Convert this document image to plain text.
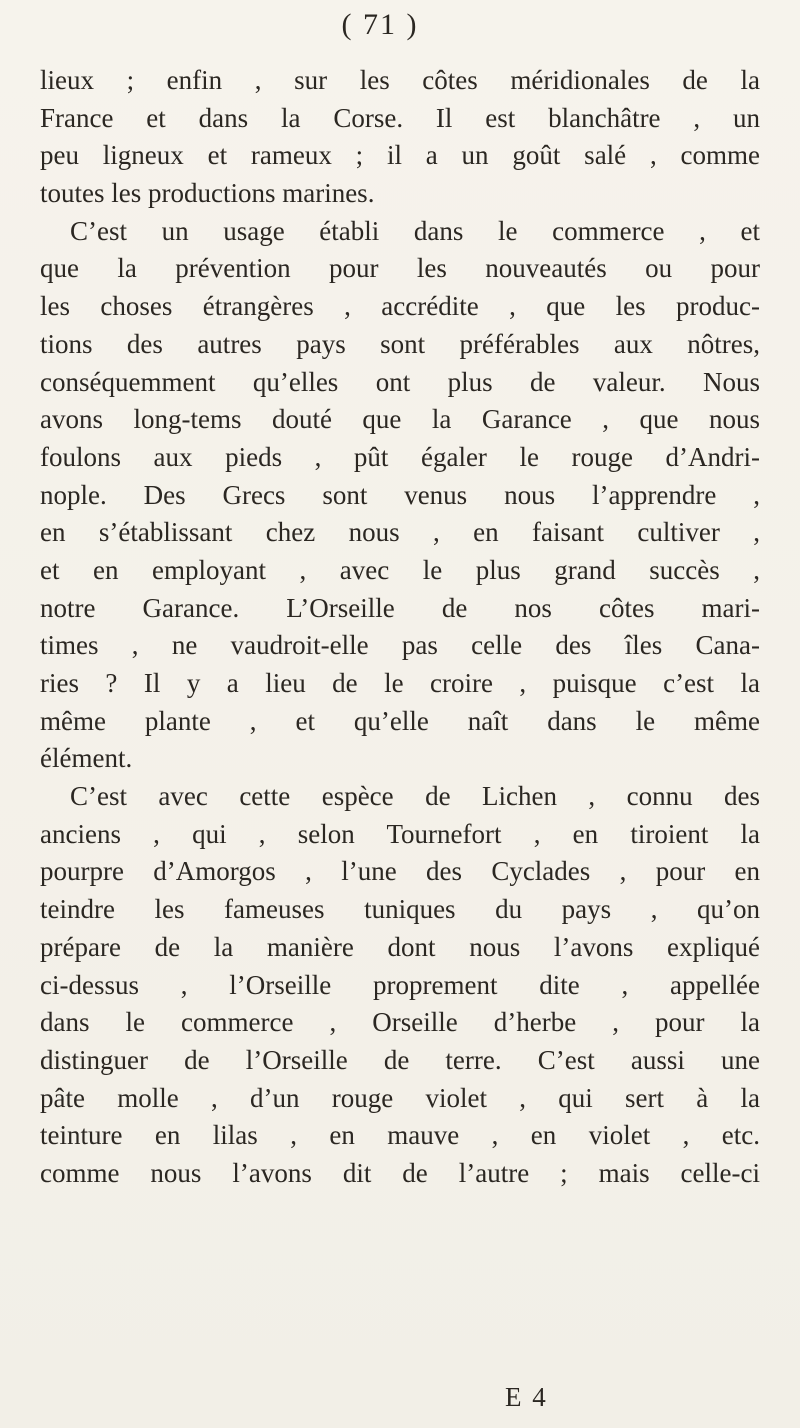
( 71 )
lieux ; enfin , sur les côtes méridionales de la
France et dans la Corse. Il est blanchâtre , un
peu ligneux et rameux ; il a un goût salé , comme
toutes les productions marines.
C’est un usage établi dans le commerce , et
que la prévention pour les nouveautés ou pour
les choses étrangères , accrédite , que les produc-
tions des autres pays sont préférables aux nôtres,
conséquemment qu’elles ont plus de valeur. Nous
avons long-tems douté que la Garance , que nous
foulons aux pieds , pût égaler le rouge d’Andri-
nople. Des Grecs sont venus nous l’apprendre ,
en s’établissant chez nous , en faisant cultiver ,
et en employant , avec le plus grand succès ,
notre Garance. L’Orseille de nos côtes mari-
times , ne vaudroit-elle pas celle des îles Cana-
ries ? Il y a lieu de le croire , puisque c’est la
même plante , et qu’elle naît dans le même
élément.
C’est avec cette espèce de Lichen , connu des
anciens , qui , selon Tournefort , en tiroient la
pourpre d’Amorgos , l’une des Cyclades , pour en
teindre les fameuses tuniques du pays , qu’on
prépare de la manière dont nous l’avons expliqué
ci-dessus , l’Orseille proprement dite , appellée
dans le commerce , Orseille d’herbe , pour la
distinguer de l’Orseille de terre. C’est aussi une
pâte molle , d’un rouge violet , qui sert à la
teinture en lilas , en mauve , en violet , etc.
comme nous l’avons dit de l’autre ; mais celle-ci
E 4
